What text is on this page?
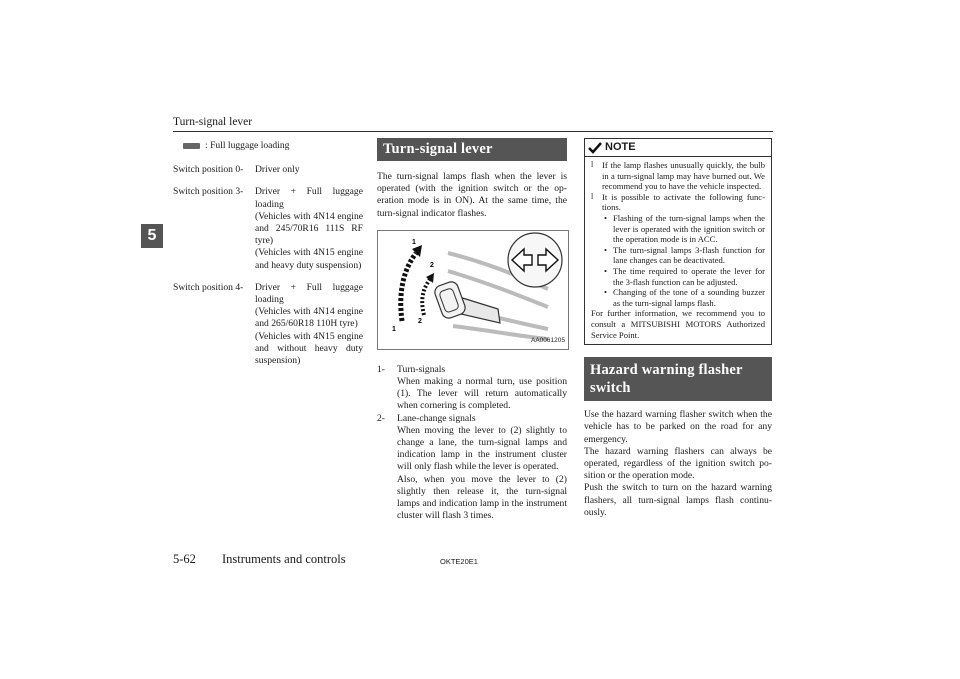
Turn-signal lever
5
: Full luggage loading
Switch position 0-	Driver only
Switch position 3-	Driver + Full luggage loading
(Vehicles with 4N14 engine and 245/70R16 111S RF tyre)
(Vehicles with 4N15 engine and heavy duty suspension)
Switch position 4-	Driver + Full luggage loading
(Vehicles with 4N14 engine and 265/60R18 110H tyre)
(Vehicles with 4N15 engine and without heavy duty suspension)
Turn-signal lever
The turn-signal lamps flash when the lever is operated (with the ignition switch or the operation mode is in ON). At the same time, the turn-signal indicator flashes.
1
2
2
1
AA0061205
1-	Turn-signals
When making a normal turn, use position (1). The lever will return automatically when cornering is completed.
2-	Lane-change signals
When moving the lever to (2) slightly to change a lane, the turn-signal lamps and indication lamp in the instrument cluster will only flash while the lever is operated.
Also, when you move the lever to (2) slightly then release it, the turn-signal lamps and indication lamp in the instrument cluster will flash 3 times.
NOTE
l	If the lamp flashes unusually quickly, the bulb in a turn-signal lamp may have burned out. We recommend you to have the vehicle inspected.
l	It is possible to activate the following functions.
• Flashing of the turn-signal lamps when the lever is operated with the ignition switch or the operation mode is in ACC.
• The turn-signal lamps 3-flash function for lane changes can be deactivated.
• The time required to operate the lever for the 3-flash function can be adjusted.
• Changing of the tone of a sounding buzzer as the turn-signal lamps flash.
For further information, we recommend you to consult a MITSUBISHI MOTORS Authorized Service Point.
Hazard warning flasher switch
Use the hazard warning flasher switch when the vehicle has to be parked on the road for any emergency.
The hazard warning flashers can always be operated, regardless of the ignition switch position or the operation mode.
Push the switch to turn on the hazard warning flashers, all turn-signal lamps flash continuously.
5-62 Instruments and controls	OKTE20E1
